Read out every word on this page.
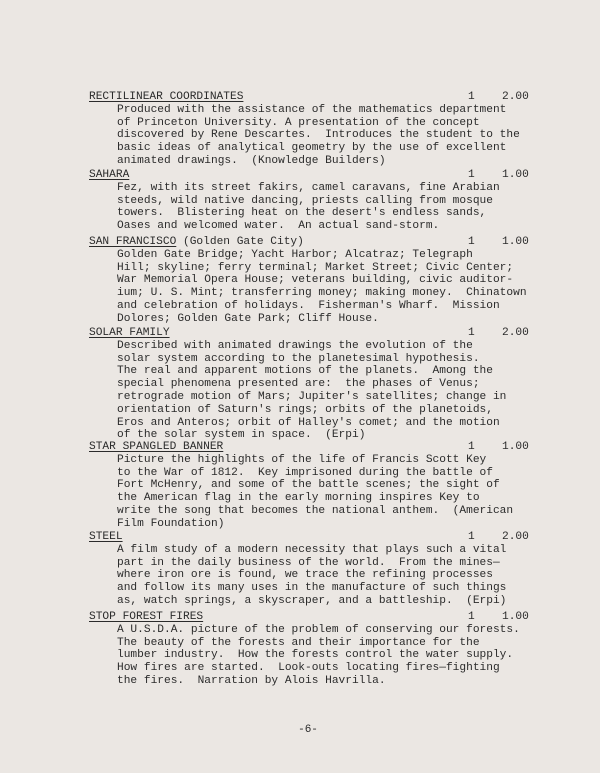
RECTILINEAR COORDINATES	1 2.00
Produced with the assistance of the mathematics department
of Princeton University. A presentation of the concept
discovered by Rene Descartes.  Introduces the student to the
basic ideas of analytical geometry by the use of excellent
animated drawings.  (Knowledge Builders)
SAHARA	1 1.00
Fez, with its street fakirs, camel caravans, fine Arabian
steeds, wild native dancing, priests calling from mosque
towers.  Blistering heat on the desert's endless sands,
Oases and welcomed water.  An actual sand-storm.
SAN FRANCISCO (Golden Gate City)	1 1.00
Golden Gate Bridge; Yacht Harbor; Alcatraz; Telegraph
Hill; skyline; ferry terminal; Market Street; Civic Center;
War Memorial Opera House; veterans building, civic auditor-
ium; U. S. Mint; transferring money; making money.  Chinatown
and celebration of holidays.  Fisherman's Wharf.  Mission
Dolores; Golden Gate Park; Cliff House.
SOLAR FAMILY	1 2.00
Described with animated drawings the evolution of the
solar system according to the planetesimal hypothesis.
The real and apparent motions of the planets.  Among the
special phenomena presented are:  the phases of Venus;
retrograde motion of Mars; Jupiter's satellites; change in
orientation of Saturn's rings; orbits of the planetoids,
Eros and Anteros; orbit of Halley's comet; and the motion
of the solar system in space.  (Erpi)
STAR SPANGLED BANNER	1 1.00
Picture the highlights of the life of Francis Scott Key
to the War of 1812.  Key imprisoned during the battle of
Fort McHenry, and some of the battle scenes; the sight of
the American flag in the early morning inspires Key to
write the song that becomes the national anthem.  (American
Film Foundation)
STEEL	1 2.00
A film study of a modern necessity that plays such a vital
part in the daily business of the world.  From the mines—
where iron ore is found, we trace the refining processes
and follow its many uses in the manufacture of such things
as, watch springs, a skyscraper, and a battleship.  (Erpi)
STOP FOREST FIRES	1 1.00
A U.S.D.A. picture of the problem of conserving our forests.
The beauty of the forests and their importance for the
lumber industry.  How the forests control the water supply.
How fires are started.  Look-outs locating fires—fighting
the fires.  Narration by Alois Havrilla.
-6-
